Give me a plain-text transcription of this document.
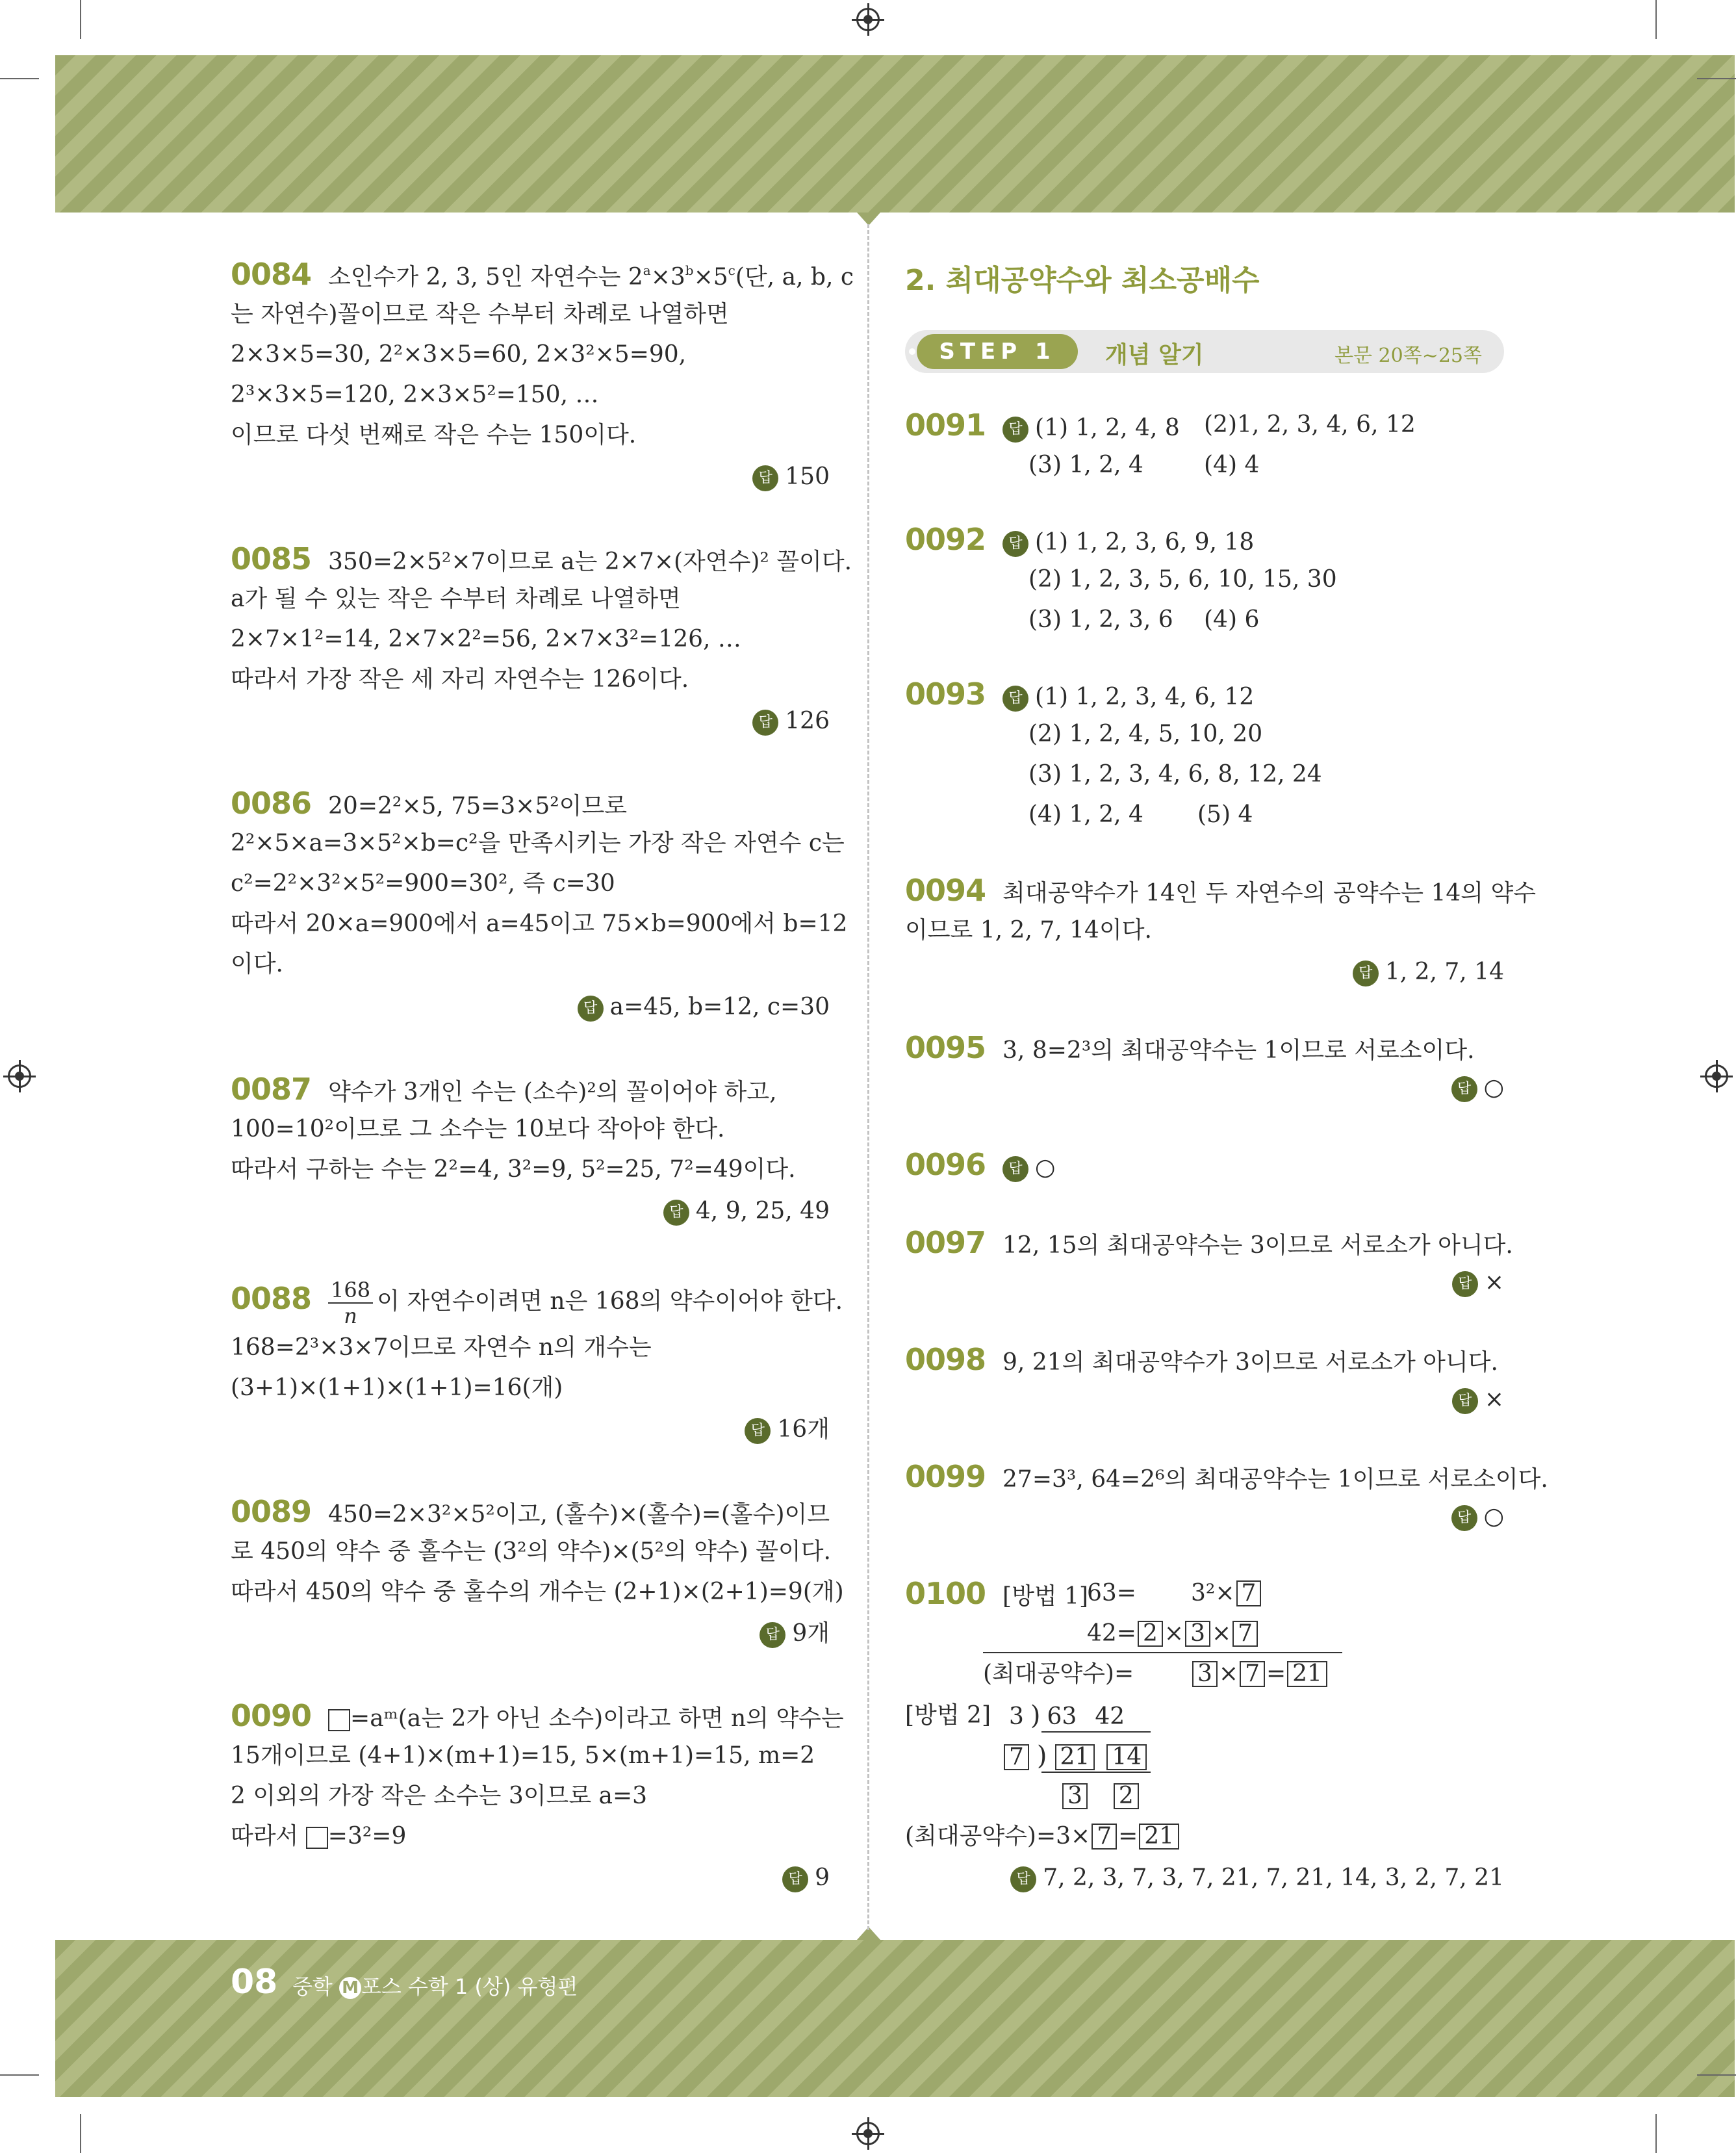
0084 소인수가 2, 3, 5인 자연수는 $2^a\times 3^b\times 5^c$(단, a, b, c
는 자연수)꼴이므로 작은 수부터 차례로 나열하면
2×3×5=30, 2²×3×5=60, 2×3²×5=90,
2³×3×5=120, 2×3×5²=150, …
이므로 다섯 번째로 작은 수는 150이다.
답 150
0085 350=2×5²×7이므로 a는 2×7×(자연수)² 꼴이다.
a가 될 수 있는 작은 수부터 차례로 나열하면
2×7×1²=14, 2×7×2²=56, 2×7×3²=126, …
따라서 가장 작은 세 자리 자연수는 126이다.
답 126
0086 20=2²×5, 75=3×5²이므로
2²×5×a=3×5²×b=c²을 만족시키는 가장 작은 자연수 c는
c²=2²×3²×5²=900=30², 즉 c=30
따라서 20×a=900에서 a=45이고 75×b=900에서 b=12
이다.
답 a=45, b=12, c=30
0087 약수가 3개인 수는 (소수)²의 꼴이어야 하고,
100=10²이므로 그 소수는 10보다 작아야 한다.
따라서 구하는 수는 2²=4, 3²=9, 5²=25, 7²=49이다.
답 4, 9, 25, 49
$0088 \frac{168}{n}$ 이 자연수이려면 n은 168의 약수이어야 한다.
168=2³×3×7이므로 자연수 n의 개수는
(3+1)×(1+1)×(1+1)=16(개)
답 16개
0089 450=2×3²×5²이고, (홀수)×(홀수)=(홀수)이므
로 450의 약수 중 홀수는 (3²의 약수)×(5²의 약수) 꼴이다.
따라서 450의 약수 중 홀수의 개수는 (2+1)×(2+1)=9(개)
답 9개
0090 =aᵐ(a는 2가 아닌 소수)이라고 하면 n의 약수는
15개이므로 (4+1)×(m+1)=15, 5×(m+1)=15, m=2
2 이외의 가장 작은 소수는 3이므로 a=3
따라서 =3²=9
답 9
2. 최대공약수와 최소공배수
STEP 1	개념 알기	본문 20쪽~25쪽
0091 답 (1) 1, 2, 4, 8 (2)1, 2, 3, 4, 6, 12
(3) 1, 2, 4	(4) 4
0092 답 (1) 1, 2, 3, 6, 9, 18
(2) 1, 2, 3, 5, 6, 10, 15, 30
(3) 1, 2, 3, 6 (4) 6
0093 답 (1) 1, 2, 3, 4, 6, 12
(2) 1, 2, 4, 5, 10, 20
(3) 1, 2, 3, 4, 6, 8, 12, 24
(4) 1, 2, 4 (5) 4
0094 최대공약수가 14인 두 자연수의 공약수는 14의 약수
이므로 1, 2, 7, 14이다.
답 1, 2, 7, 14
0095 3, 8=2³의 최대공약수는 1이므로 서로소이다.
답 ○
0096 답 ○
0097 12, 15의 최대공약수는 3이므로 서로소가 아니다.
답 ×
0098 9, 21의 최대공약수가 3이므로 서로소가 아니다.
답 ×
0099 27=3³, 64=2⁶의 최대공약수는 1이므로 서로소이다.
답 ○
0100 [방법 1]
63= 3²× 7
42= 2 × 3 × 7
(최대공약수)=	3 × 7 = 21
[방법 2] 3 ) 63 42
7 ) 21 14
3 2
(최대공약수)=3× 7 = 21
답 7, 2, 3, 7, 3, 7, 21, 7, 21, 14, 3, 2, 7, 21
08 중학 M 포스 수학 1 (상) 유형편
